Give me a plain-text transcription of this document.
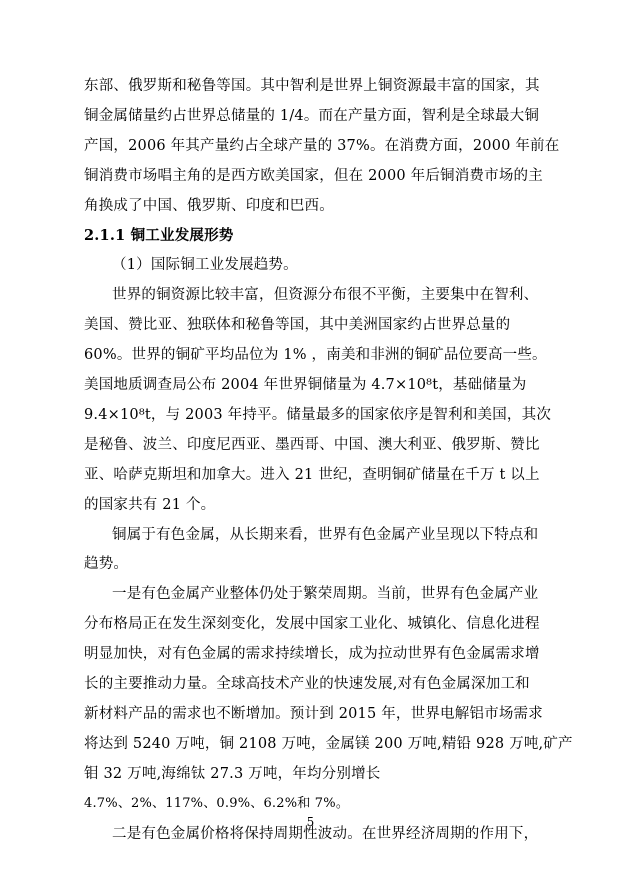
东部、俄罗斯和秘鲁等国。其中智利是世界上铜资源最丰富的国家，其
铜金属储量约占世界总储量的 1/4。而在产量方面，智利是全球最大铜
产国，2006 年其产量约占全球产量的 37%。在消费方面，2000 年前在
铜消费市场唱主角的是西方欧美国家，但在 2000 年后铜消费市场的主
角换成了中国、俄罗斯、印度和巴西。
2.1.1 铜工业发展形势
（1）国际铜工业发展趋势。
世界的铜资源比较丰富，但资源分布很不平衡，主要集中在智利、
美国、赞比亚、独联体和秘鲁等国，其中美洲国家约占世界总量的
60%。世界的铜矿平均品位为 1% ，南美和非洲的铜矿品位要高一些。
美国地质调查局公布 2004 年世界铜储量为 4.7×10⁸t，基础储量为
9.4×10⁸t，与 2003 年持平。储量最多的国家依序是智利和美国，其次
是秘鲁、波兰、印度尼西亚、墨西哥、中国、澳大利亚、俄罗斯、赞比
亚、哈萨克斯坦和加拿大。进入 21 世纪，查明铜矿储量在千万 t 以上
的国家共有 21 个。
铜属于有色金属，从长期来看，世界有色金属产业呈现以下特点和
趋势。
一是有色金属产业整体仍处于繁荣周期。当前，世界有色金属产业
分布格局正在发生深刻变化，发展中国家工业化、城镇化、信息化进程
明显加快，对有色金属的需求持续增长，成为拉动世界有色金属需求增
长的主要推动力量。全球高技术产业的快速发展,对有色金属深加工和
新材料产品的需求也不断增加。预计到 2015 年，世界电解铝市场需求
将达到 5240 万吨，铜 2108 万吨，金属镁 200 万吨,精铅 928 万吨,矿产
钼 32 万吨,海绵钛 27.3 万吨，年均分别增长
4.7%、2%、117%、0.9%、6.2%和 7%。
二是有色金属价格将保持周期性波动。在世界经济周期的作用下，
5
